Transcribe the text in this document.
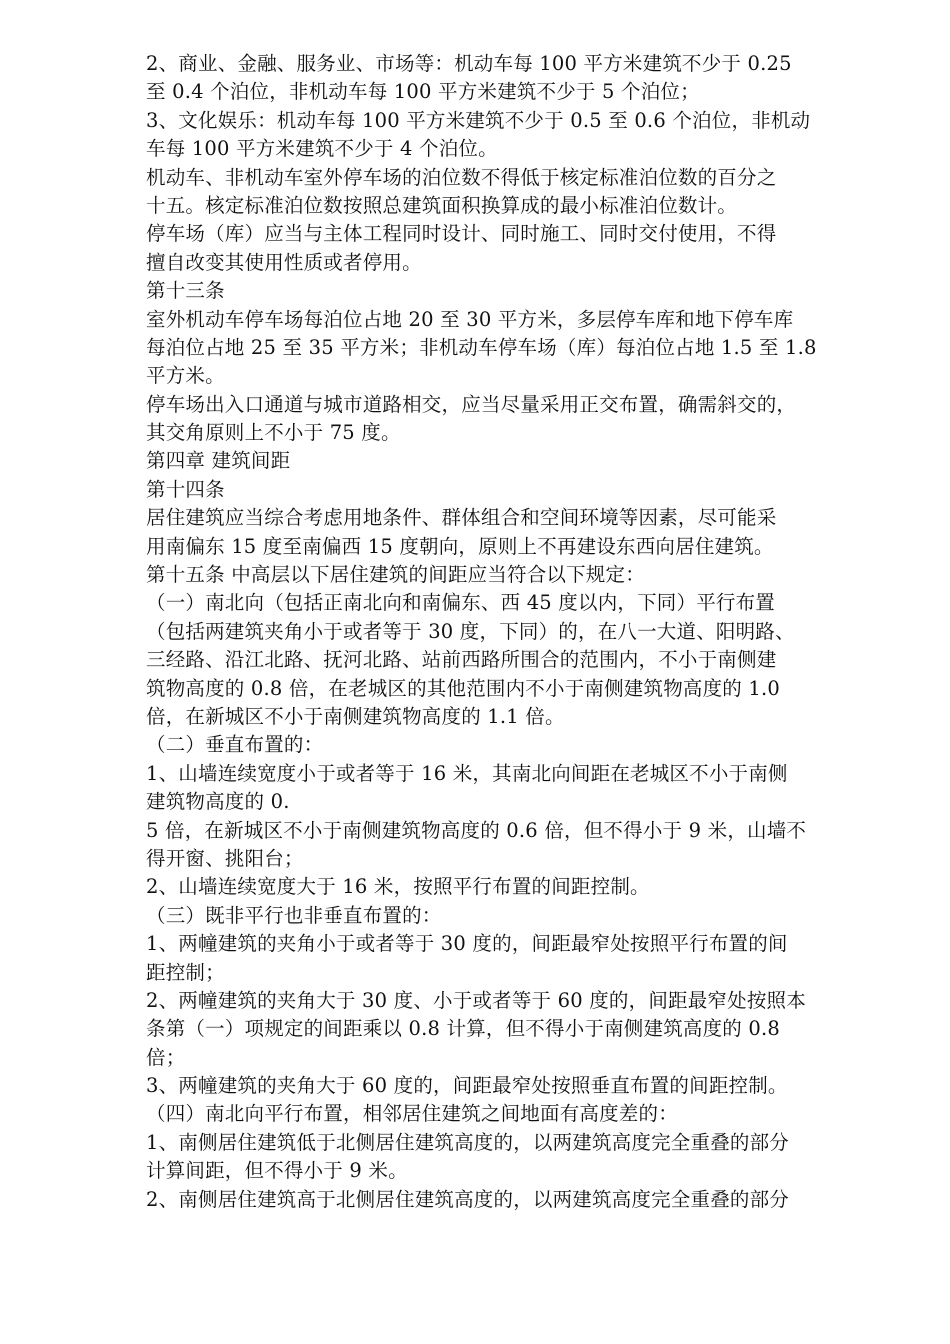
2、商业、金融、服务业、市场等：机动车每 100 平方米建筑不少于 0.25
至 0.4 个泊位，非机动车每 100 平方米建筑不少于 5 个泊位；
3、文化娱乐：机动车每 100 平方米建筑不少于 0.5 至 0.6 个泊位，非机动
车每 100 平方米建筑不少于 4 个泊位。
机动车、非机动车室外停车场的泊位数不得低于核定标准泊位数的百分之
十五。核定标准泊位数按照总建筑面积换算成的最小标准泊位数计。
停车场（库）应当与主体工程同时设计、同时施工、同时交付使用，不得
擅自改变其使用性质或者停用。
第十三条
室外机动车停车场每泊位占地 20 至 30 平方米，多层停车库和地下停车库
每泊位占地 25 至 35 平方米；非机动车停车场（库）每泊位占地 1.5 至 1.8
平方米。
停车场出入口通道与城市道路相交，应当尽量采用正交布置，确需斜交的，
其交角原则上不小于 75 度。
第四章 建筑间距
第十四条
居住建筑应当综合考虑用地条件、群体组合和空间环境等因素，尽可能采
用南偏东 15 度至南偏西 15 度朝向，原则上不再建设东西向居住建筑。
第十五条 中高层以下居住建筑的间距应当符合以下规定：
（一）南北向（包括正南北向和南偏东、西 45 度以内，下同）平行布置
（包括两建筑夹角小于或者等于 30 度，下同）的，在八一大道、阳明路、
三经路、沿江北路、抚河北路、站前西路所围合的范围内，不小于南侧建
筑物高度的 0.8 倍，在老城区的其他范围内不小于南侧建筑物高度的 1.0
倍，在新城区不小于南侧建筑物高度的 1.1 倍。
（二）垂直布置的：
1、山墙连续宽度小于或者等于 16 米，其南北向间距在老城区不小于南侧
建筑物高度的 0.
5 倍，在新城区不小于南侧建筑物高度的 0.6 倍，但不得小于 9 米，山墙不
得开窗、挑阳台；
2、山墙连续宽度大于 16 米，按照平行布置的间距控制。
（三）既非平行也非垂直布置的：
1、两幢建筑的夹角小于或者等于 30 度的，间距最窄处按照平行布置的间
距控制；
2、两幢建筑的夹角大于 30 度、小于或者等于 60 度的，间距最窄处按照本
条第（一）项规定的间距乘以 0.8 计算，但不得小于南侧建筑高度的 0.8
倍；
3、两幢建筑的夹角大于 60 度的，间距最窄处按照垂直布置的间距控制。
（四）南北向平行布置，相邻居住建筑之间地面有高度差的：
1、南侧居住建筑低于北侧居住建筑高度的，以两建筑高度完全重叠的部分
计算间距，但不得小于 9 米。
2、南侧居住建筑高于北侧居住建筑高度的，以两建筑高度完全重叠的部分
